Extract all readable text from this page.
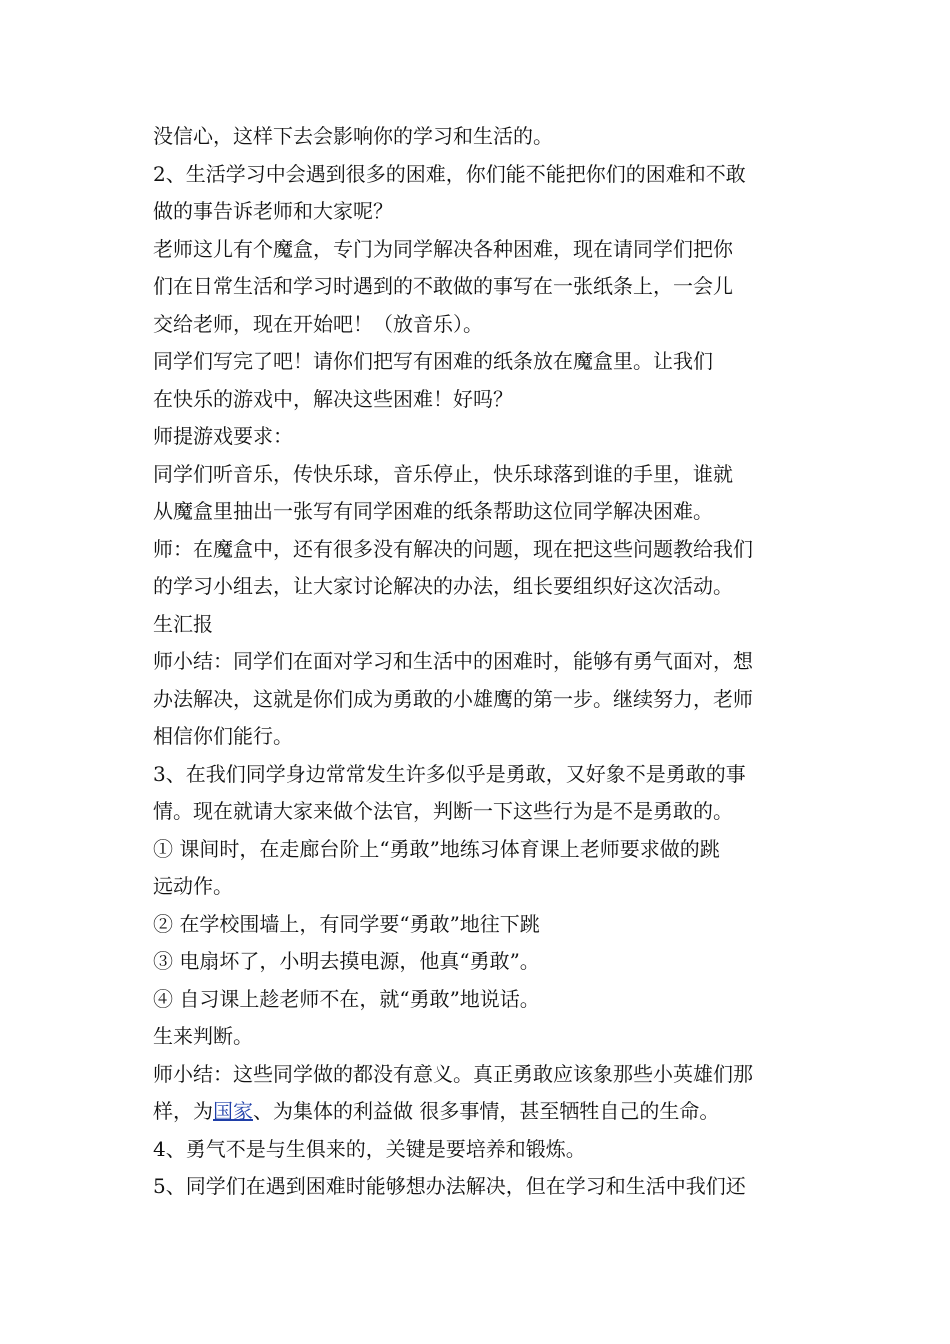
没信心，这样下去会影响你的学习和生活的。
2、生活学习中会遇到很多的困难，你们能不能把你们的困难和不敢
做的事告诉老师和大家呢？
老师这儿有个魔盒，专门为同学解决各种困难，现在请同学们把你
们在日常生活和学习时遇到的不敢做的事写在一张纸条上，一会儿
交给老师，现在开始吧！（放音乐）。
同学们写完了吧！请你们把写有困难的纸条放在魔盒里。让我们
在快乐的游戏中，解决这些困难！好吗？
师提游戏要求：
同学们听音乐，传快乐球，音乐停止，快乐球落到谁的手里，谁就
从魔盒里抽出一张写有同学困难的纸条帮助这位同学解决困难。
师：在魔盒中，还有很多没有解决的问题，现在把这些问题教给我们
的学习小组去，让大家讨论解决的办法，组长要组织好这次活动。
生汇报
师小结：同学们在面对学习和生活中的困难时，能够有勇气面对，想
办法解决，这就是你们成为勇敢的小雄鹰的第一步。继续努力，老师
相信你们能行。
3、在我们同学身边常常发生许多似乎是勇敢，又好象不是勇敢的事
情。现在就请大家来做个法官，判断一下这些行为是不是勇敢的。
① 课间时，在走廊台阶上“勇敢”地练习体育课上老师要求做的跳
远动作。
② 在学校围墙上，有同学要“勇敢”地往下跳
③ 电扇坏了，小明去摸电源，他真“勇敢”。
④ 自习课上趁老师不在，就“勇敢”地说话。
生来判断。
师小结：这些同学做的都没有意义。真正勇敢应该象那些小英雄们那
样，为国家、为集体的利益做 很多事情，甚至牺牲自己的生命。
4、勇气不是与生俱来的，关键是要培养和锻炼。
5、同学们在遇到困难时能够想办法解决，但在学习和生活中我们还
